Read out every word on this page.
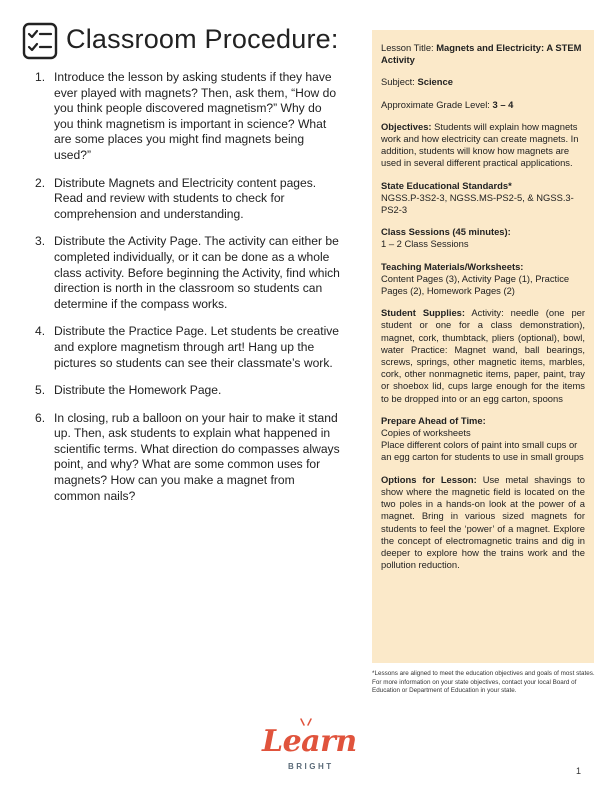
Classroom Procedure:
1. Introduce the lesson by asking students if they have ever played with magnets? Then, ask them, “How do you think people discovered magnetism?” Why do you think magnetism is important in science? What are some places you might find magnets being used?”
2. Distribute Magnets and Electricity content pages. Read and review with students to check for comprehension and understanding.
3. Distribute the Activity Page. The activity can either be completed individually, or it can be done as a whole class activity. Before beginning the Activity, find which direction is north in the classroom so students can determine if the compass works.
4. Distribute the Practice Page. Let students be creative and explore magnetism through art! Hang up the pictures so students can see their classmate’s work.
5. Distribute the Homework Page.
6. In closing, rub a balloon on your hair to make it stand up. Then, ask students to explain what happened in scientific terms. What direction do compasses always point, and why? What are some common uses for magnets? How can you make a magnet from common nails?

Lesson Title: Magnets and Electricity: A STEM Activity

Subject: Science

Approximate Grade Level: 3 – 4

Objectives: Students will explain how magnets work and how electricity can create magnets. In addition, students will know how magnets are used in several different practical applications.

State Educational Standards*
NGSS.P-3S2-3, NGSS.MS-PS2-5, & NGSS.3-PS2-3

Class Sessions (45 minutes):
1 – 2 Class Sessions

Teaching Materials/Worksheets:
Content Pages (3), Activity Page (1), Practice Pages (2), Homework Pages (2)

Student Supplies: Activity: needle (one per student or one for a class demonstration), magnet, cork, thumbtack, pliers (optional), bowl, water Practice: Magnet wand, ball bearings, screws, springs, other magnetic items, marbles, cork, other nonmagnetic items, paper, paint, tray or shoebox lid, cups large enough for the items to be dropped into or an egg carton, spoons

Prepare Ahead of Time:
Copies of worksheets
Place different colors of paint into small cups or an egg carton for students to use in small groups

Options for Lesson: Use metal shavings to show where the magnetic field is located on the two poles in a hands-on look at the power of a magnet. Bring in various sized magnets for students to feel the ‘power’ of a magnet. Explore the concept of electromagnetic trains and dig in deeper to explore how the trains work and the pollution reduction.

*Lessons are aligned to meet the education objectives and goals of most states. For more information on your state objectives, contact your local Board of Education or Department of Education in your state.
Learn
BRIGHT	1
